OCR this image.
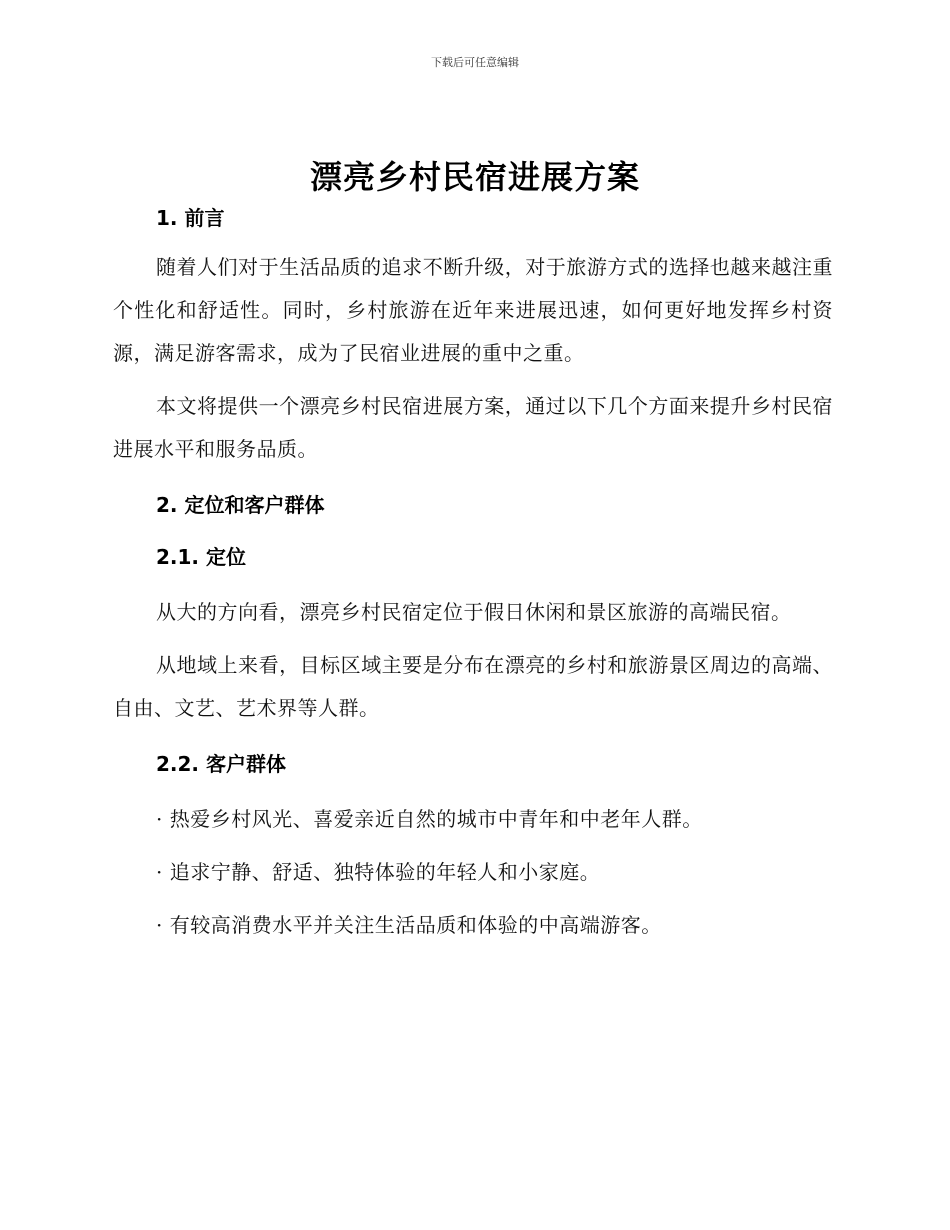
下载后可任意编辑
漂亮乡村民宿进展方案
1. 前言

随着人们对于生活品质的追求不断升级，对于旅游方式的选择也越来越注重个性化和舒适性。同时，乡村旅游在近年来进展迅速，如何更好地发挥乡村资源，满足游客需求，成为了民宿业进展的重中之重。

本文将提供一个漂亮乡村民宿进展方案，通过以下几个方面来提升乡村民宿进展水平和服务品质。

2. 定位和客户群体
2.1. 定位

从大的方向看，漂亮乡村民宿定位于假日休闲和景区旅游的高端民宿。

从地域上来看，目标区域主要是分布在漂亮的乡村和旅游景区周边的高端、自由、文艺、艺术界等人群。

2.2. 客户群体

· 热爱乡村风光、喜爱亲近自然的城市中青年和中老年人群。

· 追求宁静、舒适、独特体验的年轻人和小家庭。

· 有较高消费水平并关注生活品质和体验的中高端游客。
